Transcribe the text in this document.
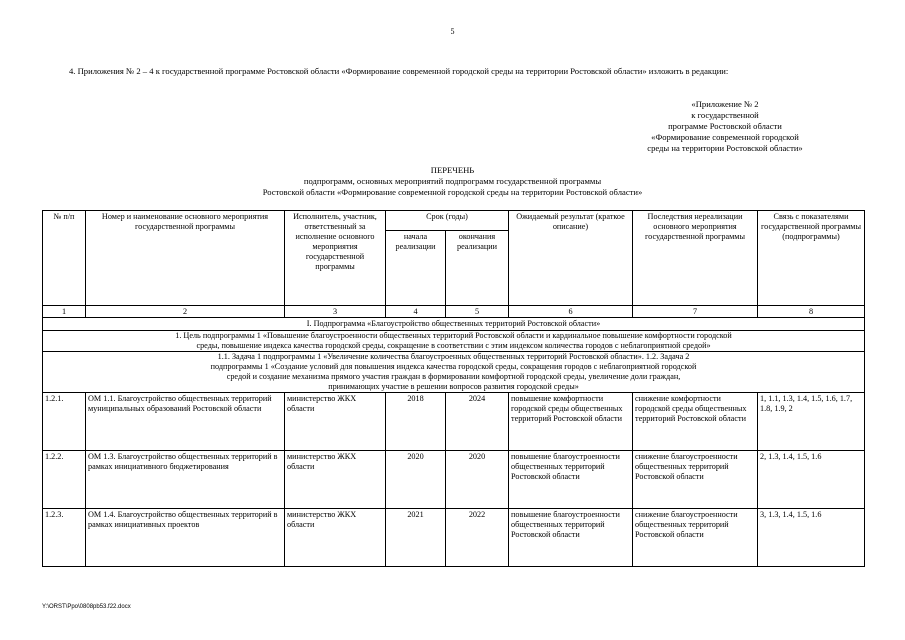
5
4. Приложения № 2 – 4 к государственной программе Ростовской области «Формирование современной городской среды на территории Ростовской области» изложить в редакции:
«Приложение № 2
к государственной
программе Ростовской области
«Формирование современной городской
среды на территории Ростовской области»
ПЕРЕЧЕНЬ
подпрограмм, основных мероприятий подпрограмм государственной программы
Ростовской области «Формирование современной городской среды на территории Ростовской области»
№ п/п	Номер и наименование основного мероприятия государственной программы	Исполнитель, участник, ответственный за исполнение основного мероприятия государственной программы	Срок (годы)		Ожидаемый результат (краткое описание)	Последствия нереализации основного мероприятия государственной программы	Связь с показателями государственной программы (подпрограммы)
			начала реализации	окончания реализации			
1	2	3	4	5	6	7	8
I. Подпрограмма «Благоустройство общественных территорий Ростовской области»							
1. Цель подпрограммы 1 «Повышение благоустроенности общественных территорий Ростовской области и кардинальное повышение комфортности городской среды, повышение индекса качества городской среды, сокращение в соответствии с этим индексом количества городов с неблагоприятной средой»							
1.1. Задача 1 подпрограммы 1 «Увеличение количества благоустроенных общественных территорий Ростовской области». 1.2. Задача 2 подпрограммы 1 «Создание условий для повышения индекса качества городской среды, сокращения городов с неблагоприятной городской средой и создание механизма прямого участия граждан в формировании комфортной городской среды, увеличение доли граждан, принимающих участие в решении вопросов развития городской среды»							
1.2.1.	ОМ 1.1. Благоустройство общественных территорий муниципальных образований Ростовской области	министерство ЖКХ области	2018	2024	повышение комфортности городской среды общественных территорий Ростовской области	снижение комфортности городской среды общественных территорий Ростовской области	1, 1.1, 1.3, 1.4, 1.5, 1.6, 1.7, 1.8, 1.9, 2
1.2.2.	ОМ 1.3. Благоустройство общественных территорий в рамках инициативного бюджетирования	министерство ЖКХ области	2020	2020	повышение благоустроенности общественных территорий Ростовской области	снижение благоустроенности общественных территорий Ростовской области	2, 1.3, 1.4, 1.5, 1.6
1.2.3.	ОМ 1.4. Благоустройство общественных территорий в рамках инициативных проектов	министерство ЖКХ области	2021	2022	повышение благоустроенности общественных территорий Ростовской области	снижение благоустроенности общественных территорий Ростовской области	3, 1.3, 1.4, 1.5, 1.6
Y:\ORST\Ppo\0808pb53.f22.docx
